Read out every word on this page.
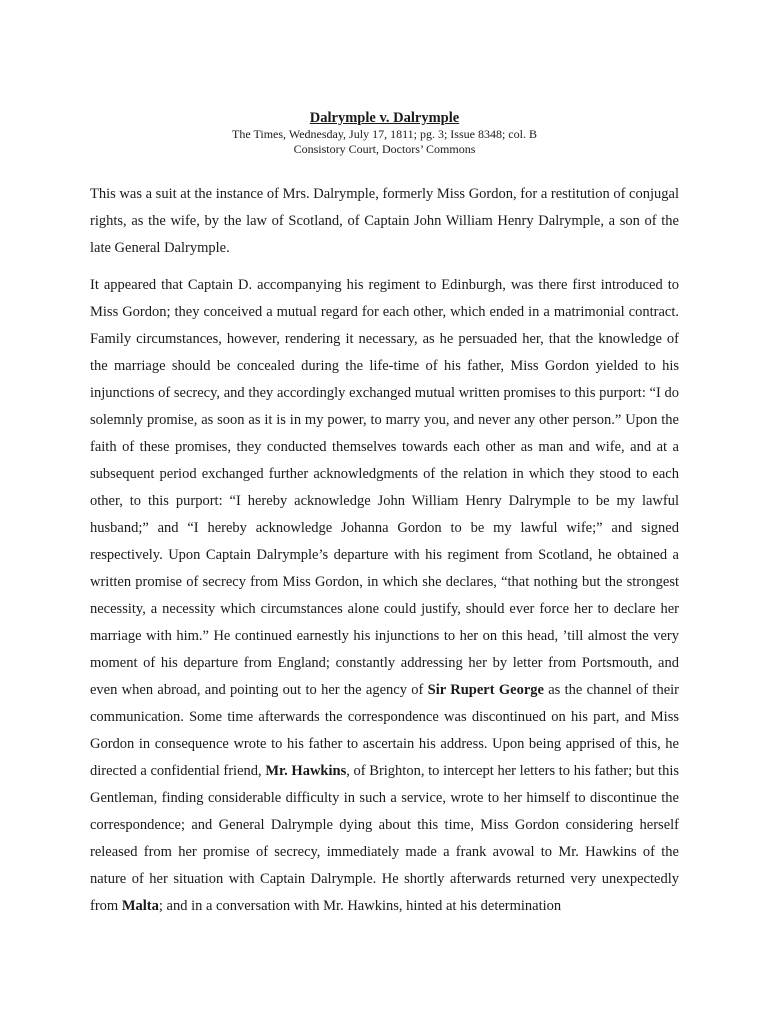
Dalrymple v. Dalrymple
The Times, Wednesday, July 17, 1811; pg. 3; Issue 8348; col. B
Consistory Court, Doctors’ Commons

This was a suit at the instance of Mrs. Dalrymple, formerly Miss Gordon, for a restitution of conjugal rights, as the wife, by the law of Scotland, of Captain John William Henry Dalrymple, a son of the late General Dalrymple.

It appeared that Captain D. accompanying his regiment to Edinburgh, was there first introduced to Miss Gordon; they conceived a mutual regard for each other, which ended in a matrimonial contract. Family circumstances, however, rendering it necessary, as he persuaded her, that the knowledge of the marriage should be concealed during the life-time of his father, Miss Gordon yielded to his injunctions of secrecy, and they accordingly exchanged mutual written promises to this purport: “I do solemnly promise, as soon as it is in my power, to marry you, and never any other person.” Upon the faith of these promises, they conducted themselves towards each other as man and wife, and at a subsequent period exchanged further acknowledgments of the relation in which they stood to each other, to this purport: “I hereby acknowledge John William Henry Dalrymple to be my lawful husband;” and “I hereby acknowledge Johanna Gordon to be my lawful wife;” and signed respectively. Upon Captain Dalrymple’s departure with his regiment from Scotland, he obtained a written promise of secrecy from Miss Gordon, in which she declares, “that nothing but the strongest necessity, a necessity which circumstances alone could justify, should ever force her to declare her marriage with him.” He continued earnestly his injunctions to her on this head, ’till almost the very moment of his departure from England; constantly addressing her by letter from Portsmouth, and even when abroad, and pointing out to her the agency of Sir Rupert George as the channel of their communication. Some time afterwards the correspondence was discontinued on his part, and Miss Gordon in consequence wrote to his father to ascertain his address. Upon being apprised of this, he directed a confidential friend, Mr. Hawkins, of Brighton, to intercept her letters to his father; but this Gentleman, finding considerable difficulty in such a service, wrote to her himself to discontinue the correspondence; and General Dalrymple dying about this time, Miss Gordon considering herself released from her promise of secrecy, immediately made a frank avowal to Mr. Hawkins of the nature of her situation with Captain Dalrymple. He shortly afterwards returned very unexpectedly from Malta; and in a conversation with Mr. Hawkins, hinted at his determination
